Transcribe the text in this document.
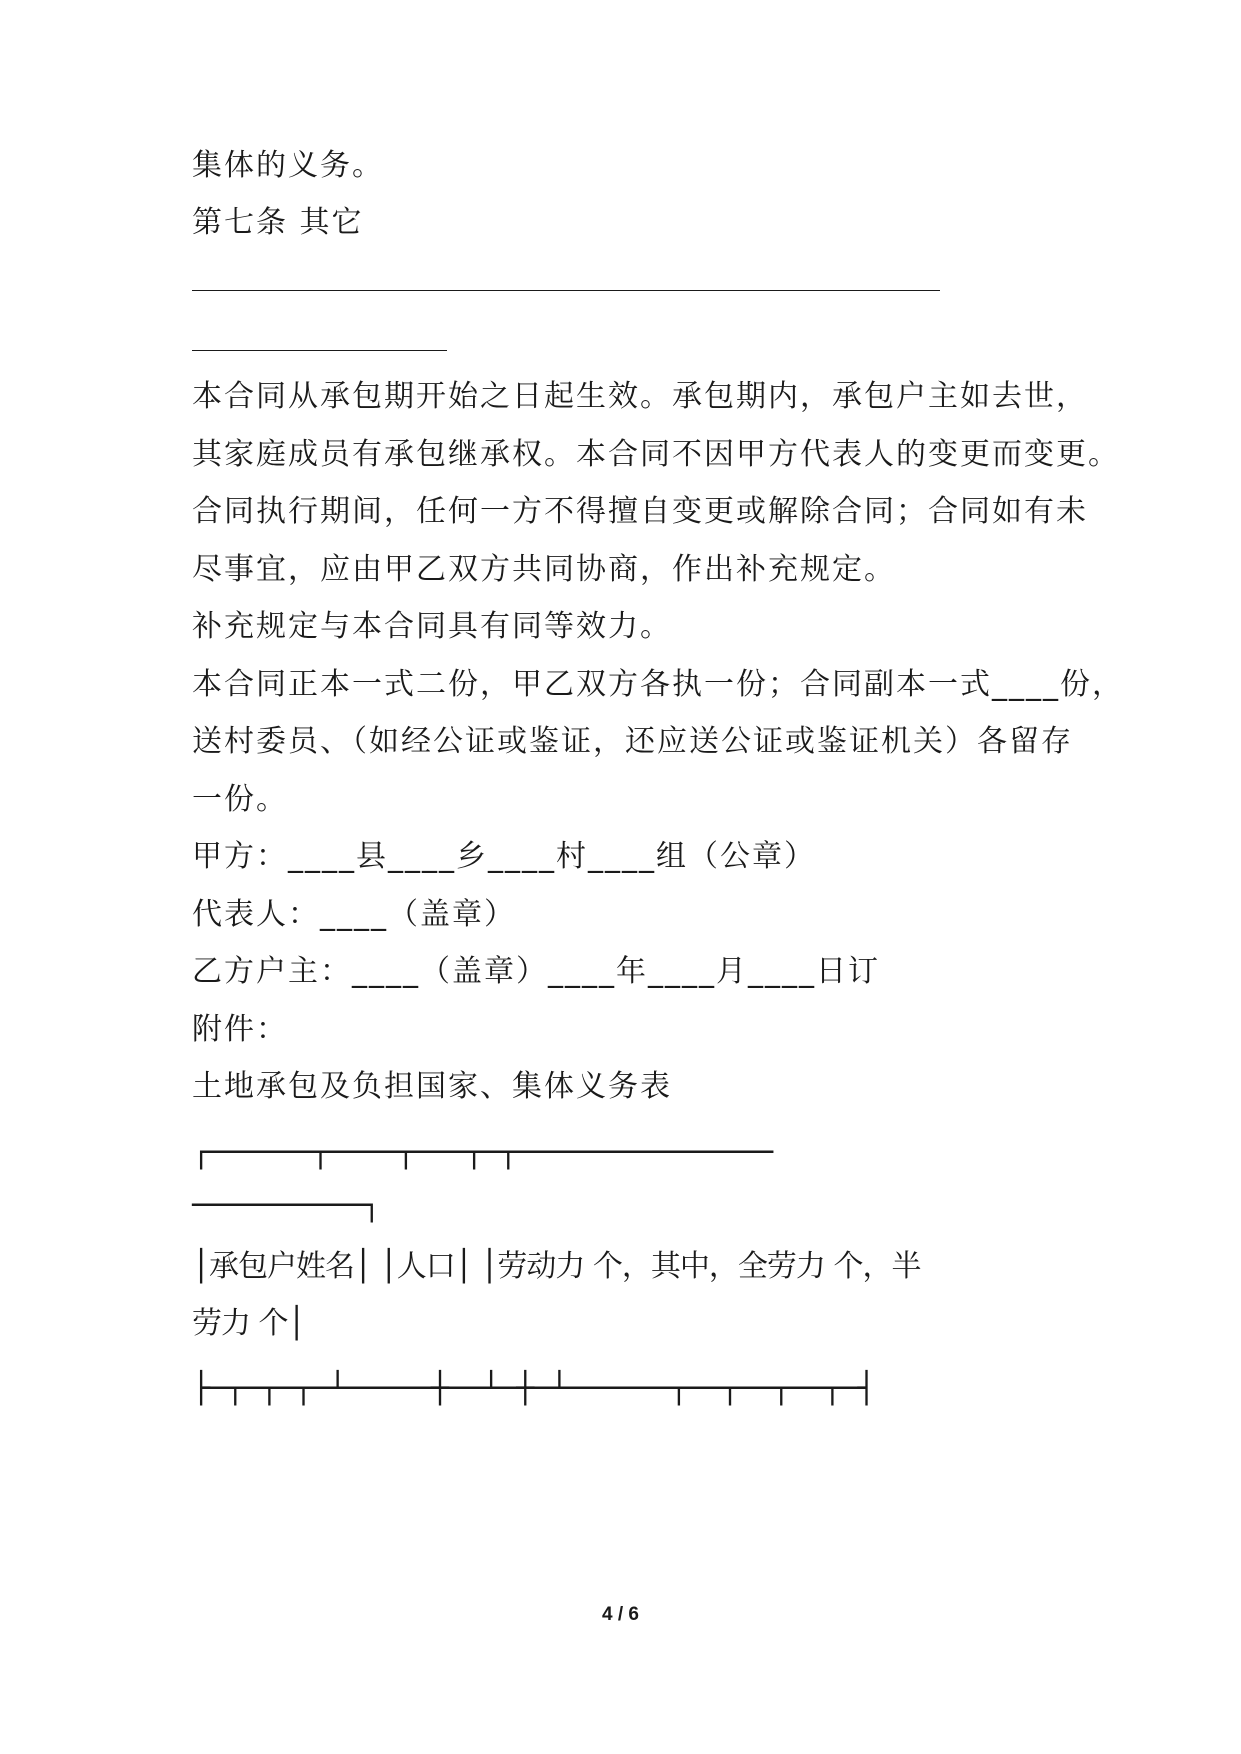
集体的义务。
第七条 其它
本合同从承包期开始之日起生效。承包期内，承包户主如去世，
其家庭成员有承包继承权。本合同不因甲方代表人的变更而变更。
合同执行期间，任何一方不得擅自变更或解除合同；合同如有未
尽事宜，应由甲乙双方共同协商，作出补充规定。
补充规定与本合同具有同等效力。
本合同正本一式二份，甲乙双方各执一份；合同副本一式____份，
送村委员、（如经公证或鉴证，还应送公证或鉴证机关）各留存
一份。
甲方：____县____乡____村____组（公章）
代表人：____（盖章）
乙方户主：____（盖章）____年____月____日订
附件：
土地承包及负担国家、集体义务表
┌──────┬────┬───┬─┬───────────────
──────────┐
│承包户姓名│ │人口│ │劳动力 个，其中，全劳力 个，半
劳力 个│
├─┬─┬─┬─┴─────┼──┴─┼─┴──────┬──┬──┬──┬─┤
4 / 6
